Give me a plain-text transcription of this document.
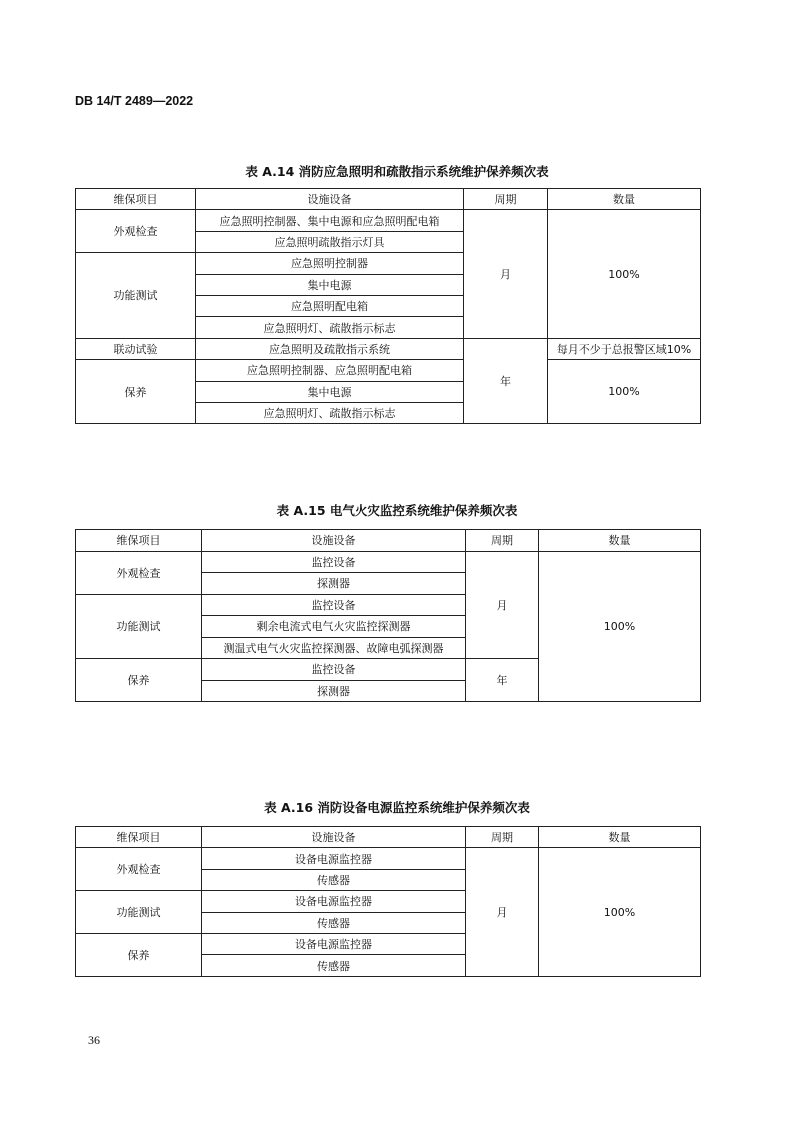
DB 14/T 2489—2022
表 A.14 消防应急照明和疏散指示系统维护保养频次表
维保项目	设施设备	周期	数量
外观检查	应急照明控制器、集中电源和应急照明配电箱	月	100%
	应急照明疏散指示灯具		
功能测试	应急照明控制器		
	集中电源		
	应急照明配电箱		
	应急照明灯、疏散指示标志		
联动试验	应急照明及疏散指示系统	年	每月不少于总报警区域10%
保养	应急照明控制器、应急照明配电箱		100%
	集中电源		
	应急照明灯、疏散指示标志		
表 A.15 电气火灾监控系统维护保养频次表
维保项目	设施设备	周期	数量
外观检查	监控设备	月	100%
	探测器		
功能测试	监控设备		
	剩余电流式电气火灾监控探测器		
	测温式电气火灾监控探测器、故障电弧探测器		
保养	监控设备	年	
	探测器		
表 A.16 消防设备电源监控系统维护保养频次表
维保项目	设施设备	周期	数量
外观检查	设备电源监控器	月	100%
	传感器		
功能测试	设备电源监控器		
	传感器		
保养	设备电源监控器		
	传感器		
36
